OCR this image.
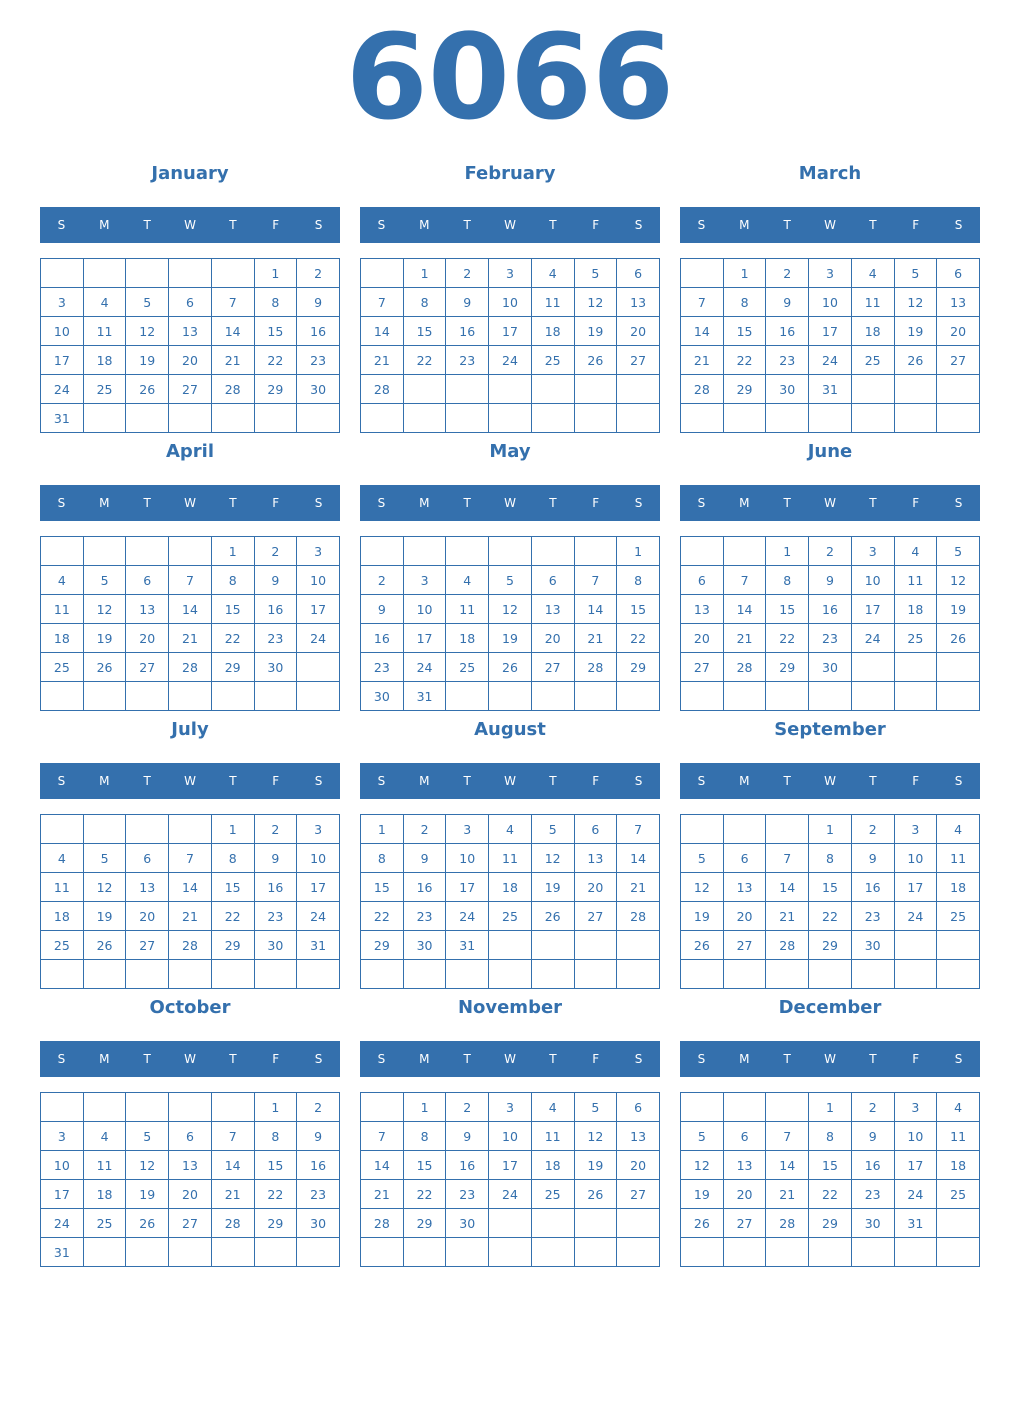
6066
January
S	M	T	W	T	F	S
					1	2
3	4	5	6	7	8	9
10	11	12	13	14	15	16
17	18	19	20	21	22	23
24	25	26	27	28	29	30
31						
February
S	M	T	W	T	F	S
	1	2	3	4	5	6
7	8	9	10	11	12	13
14	15	16	17	18	19	20
21	22	23	24	25	26	27
28						

March
S	M	T	W	T	F	S
	1	2	3	4	5	6
7	8	9	10	11	12	13
14	15	16	17	18	19	20
21	22	23	24	25	26	27
28	29	30	31			

April
S	M	T	W	T	F	S
				1	2	3
4	5	6	7	8	9	10
11	12	13	14	15	16	17
18	19	20	21	22	23	24
25	26	27	28	29	30	

May
S	M	T	W	T	F	S
						1
2	3	4	5	6	7	8
9	10	11	12	13	14	15
16	17	18	19	20	21	22
23	24	25	26	27	28	29
30	31					
June
S	M	T	W	T	F	S
		1	2	3	4	5
6	7	8	9	10	11	12
13	14	15	16	17	18	19
20	21	22	23	24	25	26
27	28	29	30			

July
S	M	T	W	T	F	S
				1	2	3
4	5	6	7	8	9	10
11	12	13	14	15	16	17
18	19	20	21	22	23	24
25	26	27	28	29	30	31

August
S	M	T	W	T	F	S
1	2	3	4	5	6	7
8	9	10	11	12	13	14
15	16	17	18	19	20	21
22	23	24	25	26	27	28
29	30	31				

September
S	M	T	W	T	F	S
			1	2	3	4
5	6	7	8	9	10	11
12	13	14	15	16	17	18
19	20	21	22	23	24	25
26	27	28	29	30		

October
S	M	T	W	T	F	S
					1	2
3	4	5	6	7	8	9
10	11	12	13	14	15	16
17	18	19	20	21	22	23
24	25	26	27	28	29	30
31						
November
S	M	T	W	T	F	S
	1	2	3	4	5	6
7	8	9	10	11	12	13
14	15	16	17	18	19	20
21	22	23	24	25	26	27
28	29	30				

December
S	M	T	W	T	F	S
			1	2	3	4
5	6	7	8	9	10	11
12	13	14	15	16	17	18
19	20	21	22	23	24	25
26	27	28	29	30	31	
